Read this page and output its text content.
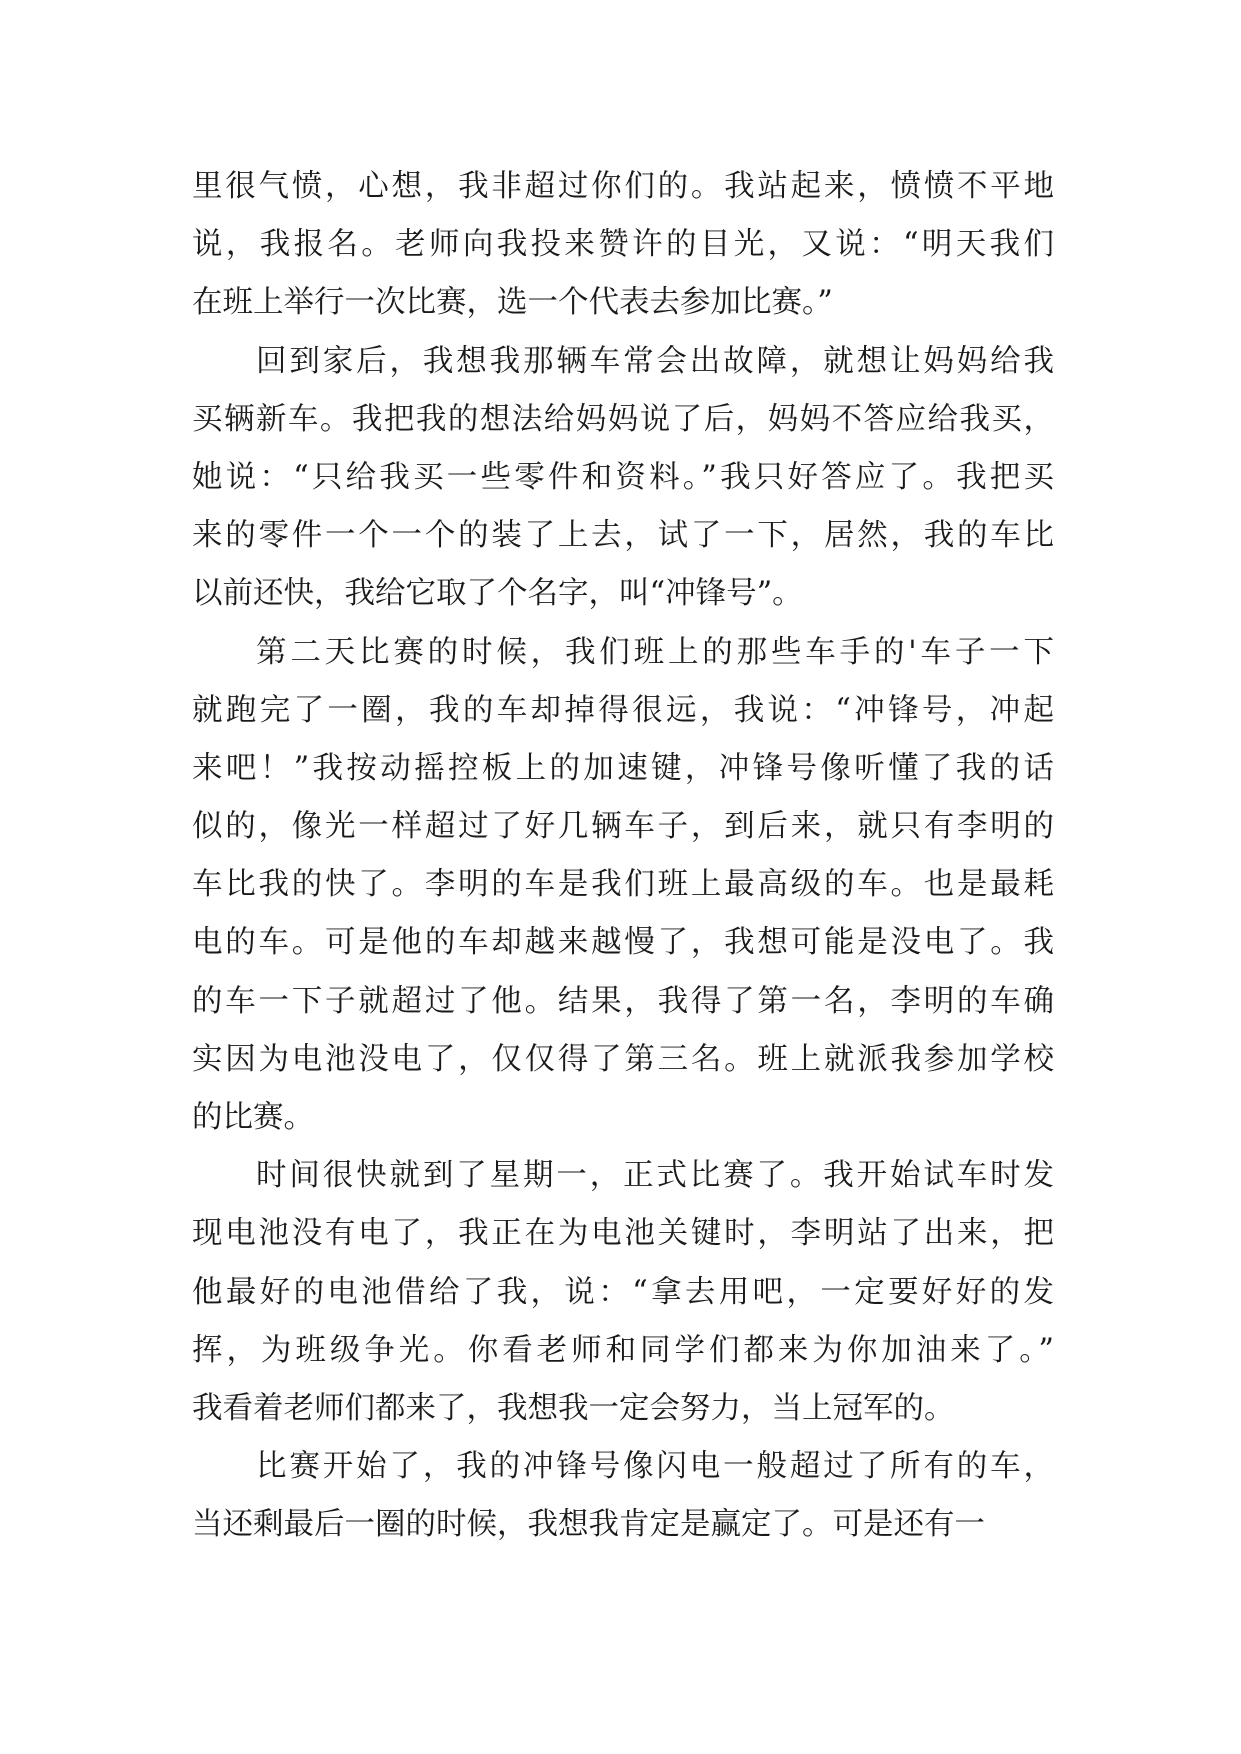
里很气愤，心想，我非超过你们的。我站起来，愤愤不平地
说，我报名。老师向我投来赞许的目光，又说：“明天我们
在班上举行一次比赛，选一个代表去参加比赛。”
回到家后，我想我那辆车常会出故障，就想让妈妈给我
买辆新车。我把我的想法给妈妈说了后，妈妈不答应给我买，
她说：“只给我买一些零件和资料。”我只好答应了。我把买
来的零件一个一个的装了上去，试了一下，居然，我的车比
以前还快，我给它取了个名字，叫“冲锋号”。
第二天比赛的时候，我们班上的那些车手的'车子一下
就跑完了一圈，我的车却掉得很远，我说：“冲锋号，冲起
来吧！”我按动摇控板上的加速键，冲锋号像听懂了我的话
似的，像光一样超过了好几辆车子，到后来，就只有李明的
车比我的快了。李明的车是我们班上最高级的车。也是最耗
电的车。可是他的车却越来越慢了，我想可能是没电了。我
的车一下子就超过了他。结果，我得了第一名，李明的车确
实因为电池没电了，仅仅得了第三名。班上就派我参加学校
的比赛。
时间很快就到了星期一，正式比赛了。我开始试车时发
现电池没有电了，我正在为电池关键时，李明站了出来，把
他最好的电池借给了我，说：“拿去用吧，一定要好好的发
挥，为班级争光。你看老师和同学们都来为你加油来了。”
我看着老师们都来了，我想我一定会努力，当上冠军的。
比赛开始了，我的冲锋号像闪电一般超过了所有的车，
当还剩最后一圈的时候，我想我肯定是赢定了。可是还有一
